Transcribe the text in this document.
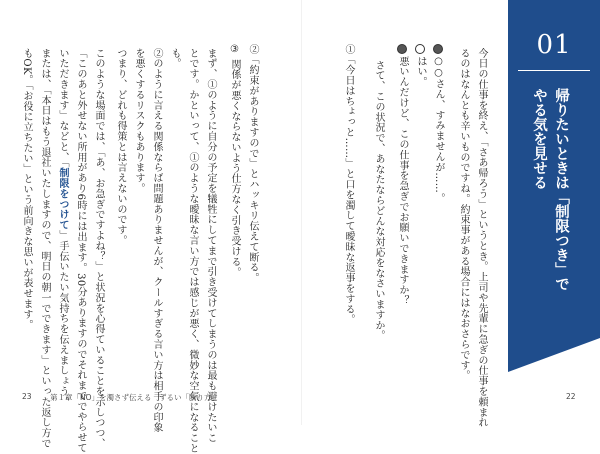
01
帰りたいときは「制限つき」で
やる気を見せる
今日の仕事を終え、「さあ帰ろう」というとき。上司や先輩に急ぎの仕事を頼まれ
るのはなんとも辛いものですね。約束事がある場合にはなおさらです。
○○さん、すみませんが……。
はい。
悪いんだけど、この仕事を急ぎでお願いできますか？
さて、この状況で、あなたならどんな対応をなさいますか。
①「今日はちょっと……」と口を濁して曖昧な返事をする。
②「約束がありますので」とハッキリ伝えて断る。
③ 関係が悪くならないよう仕方なく引き受ける。
まず、①のように自分の予定を犠牲にしてまで引き受けてしまうのは最も避けたいこ
とです。かといって、①のような曖昧な言い方では感じが悪く、微妙な空気になること
も。
②のように言える関係ならば問題ありませんが、クールすぎる言い方は相手の印象
を悪くするリスクもあります。
つまり、どれも得策とは言えないのです。
このような場面では、「あ、お急ぎですよね？」と状況を心得ていることを示しつつ、
「このあと外せない所用があり6時には出ます。30分ありますのでそれまででやらせて
いただきます」などと、「制限をつけて」手伝いたい気持ちを伝えましょう。
または、「本日はもう退社いたしますので、明日の朝一でできます」といった返し方で
もOK。「お役に立ちたい」という前向きな思いが表せます。
23 第１章「NO」を濁さず伝える　ずるい「断り方」	22
